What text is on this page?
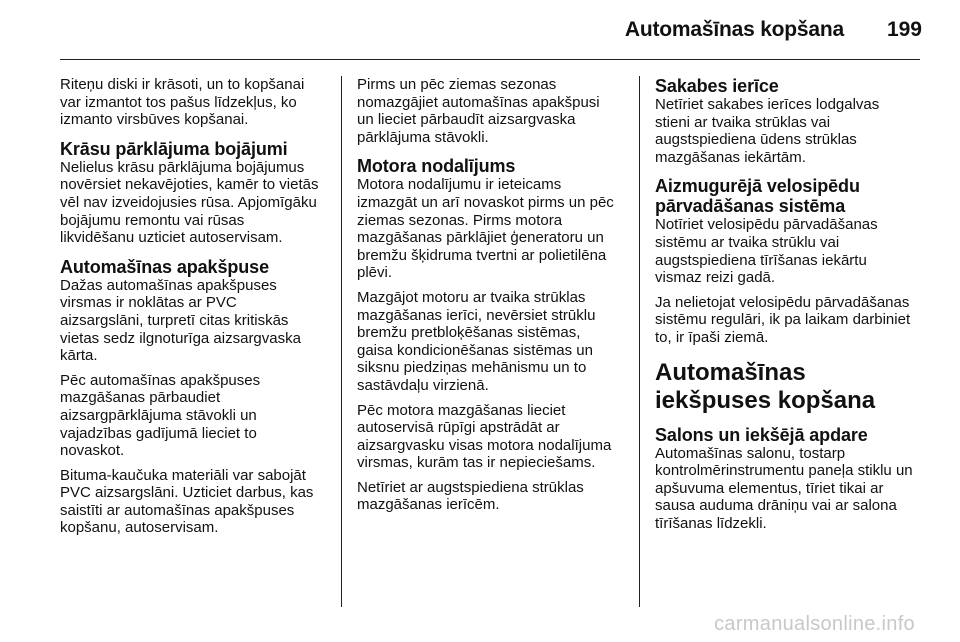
Automašīnas kopšana 199

Riteņu diski ir krāsoti, un to kopšanai var izmantot tos pašus līdzekļus, ko izmanto virsbūves kopšanai.

Krāsu pārklājuma bojājumi

Nelielus krāsu pārklājuma bojājumus novērsiet nekavējoties, kamēr to vietās vēl nav izveidojusies rūsa. Apjomīgāku bojājumu remontu vai rūsas likvidēšanu uzticiet autoservisam.

Automašīnas apakšpuse

Dažas automašīnas apakšpuses virsmas ir noklātas ar PVC aizsargslāni, turpretī citas kritiskās vietas sedz ilgnoturīga aizsargvaska kārta.

Pēc automašīnas apakšpuses mazgāšanas pārbaudiet aizsargpārklājuma stāvokli un vajadzības gadījumā lieciet to novaskot.

Bituma-kaučuka materiāli var sabojāt PVC aizsargslāni. Uzticiet darbus, kas saistīti ar automašīnas apakšpuses kopšanu, autoservisam.

Pirms un pēc ziemas sezonas nomazgājiet automašīnas apakšpusi un lieciet pārbaudīt aizsargvaska pārklājuma stāvokli.

Motora nodalījums

Motora nodalījumu ir ieteicams izmazgāt un arī novaskot pirms un pēc ziemas sezonas. Pirms motora mazgāšanas pārklājiet ģeneratoru un bremžu šķidruma tvertni ar polietilēna plēvi.

Mazgājot motoru ar tvaika strūklas mazgāšanas ierīci, nevērsiet strūklu bremžu pretbloķēšanas sistēmas, gaisa kondicionēšanas sistēmas un siksnu piedziņas mehānismu un to sastāvdaļu virzienā.

Pēc motora mazgāšanas lieciet autoservisā rūpīgi apstrādāt ar aizsargvasku visas motora nodalījuma virsmas, kurām tas ir nepieciešams.

Netīriet ar augstspiediena strūklas mazgāšanas ierīcēm.

Sakabes ierīce

Netīriet sakabes ierīces lodgalvas stieni ar tvaika strūklas vai augstspiediena ūdens strūklas mazgāšanas iekārtām.

Aizmugurējā velosipēdu pārvadāšanas sistēma

Notīriet velosipēdu pārvadāšanas sistēmu ar tvaika strūklu vai augstspiediena tīrīšanas iekārtu vismaz reizi gadā.

Ja nelietojat velosipēdu pārvadāšanas sistēmu regulāri, ik pa laikam darbiniet to, ir īpaši ziemā.

Automašīnas iekšpuses kopšana
Salons un iekšējā apdare

Automašīnas salonu, tostarp kontrolmērinstrumentu paneļa stiklu un apšuvuma elementus, tīriet tikai ar sausa auduma drāniņu vai ar salona tīrīšanas līdzekli.

carmanualsonline.info
